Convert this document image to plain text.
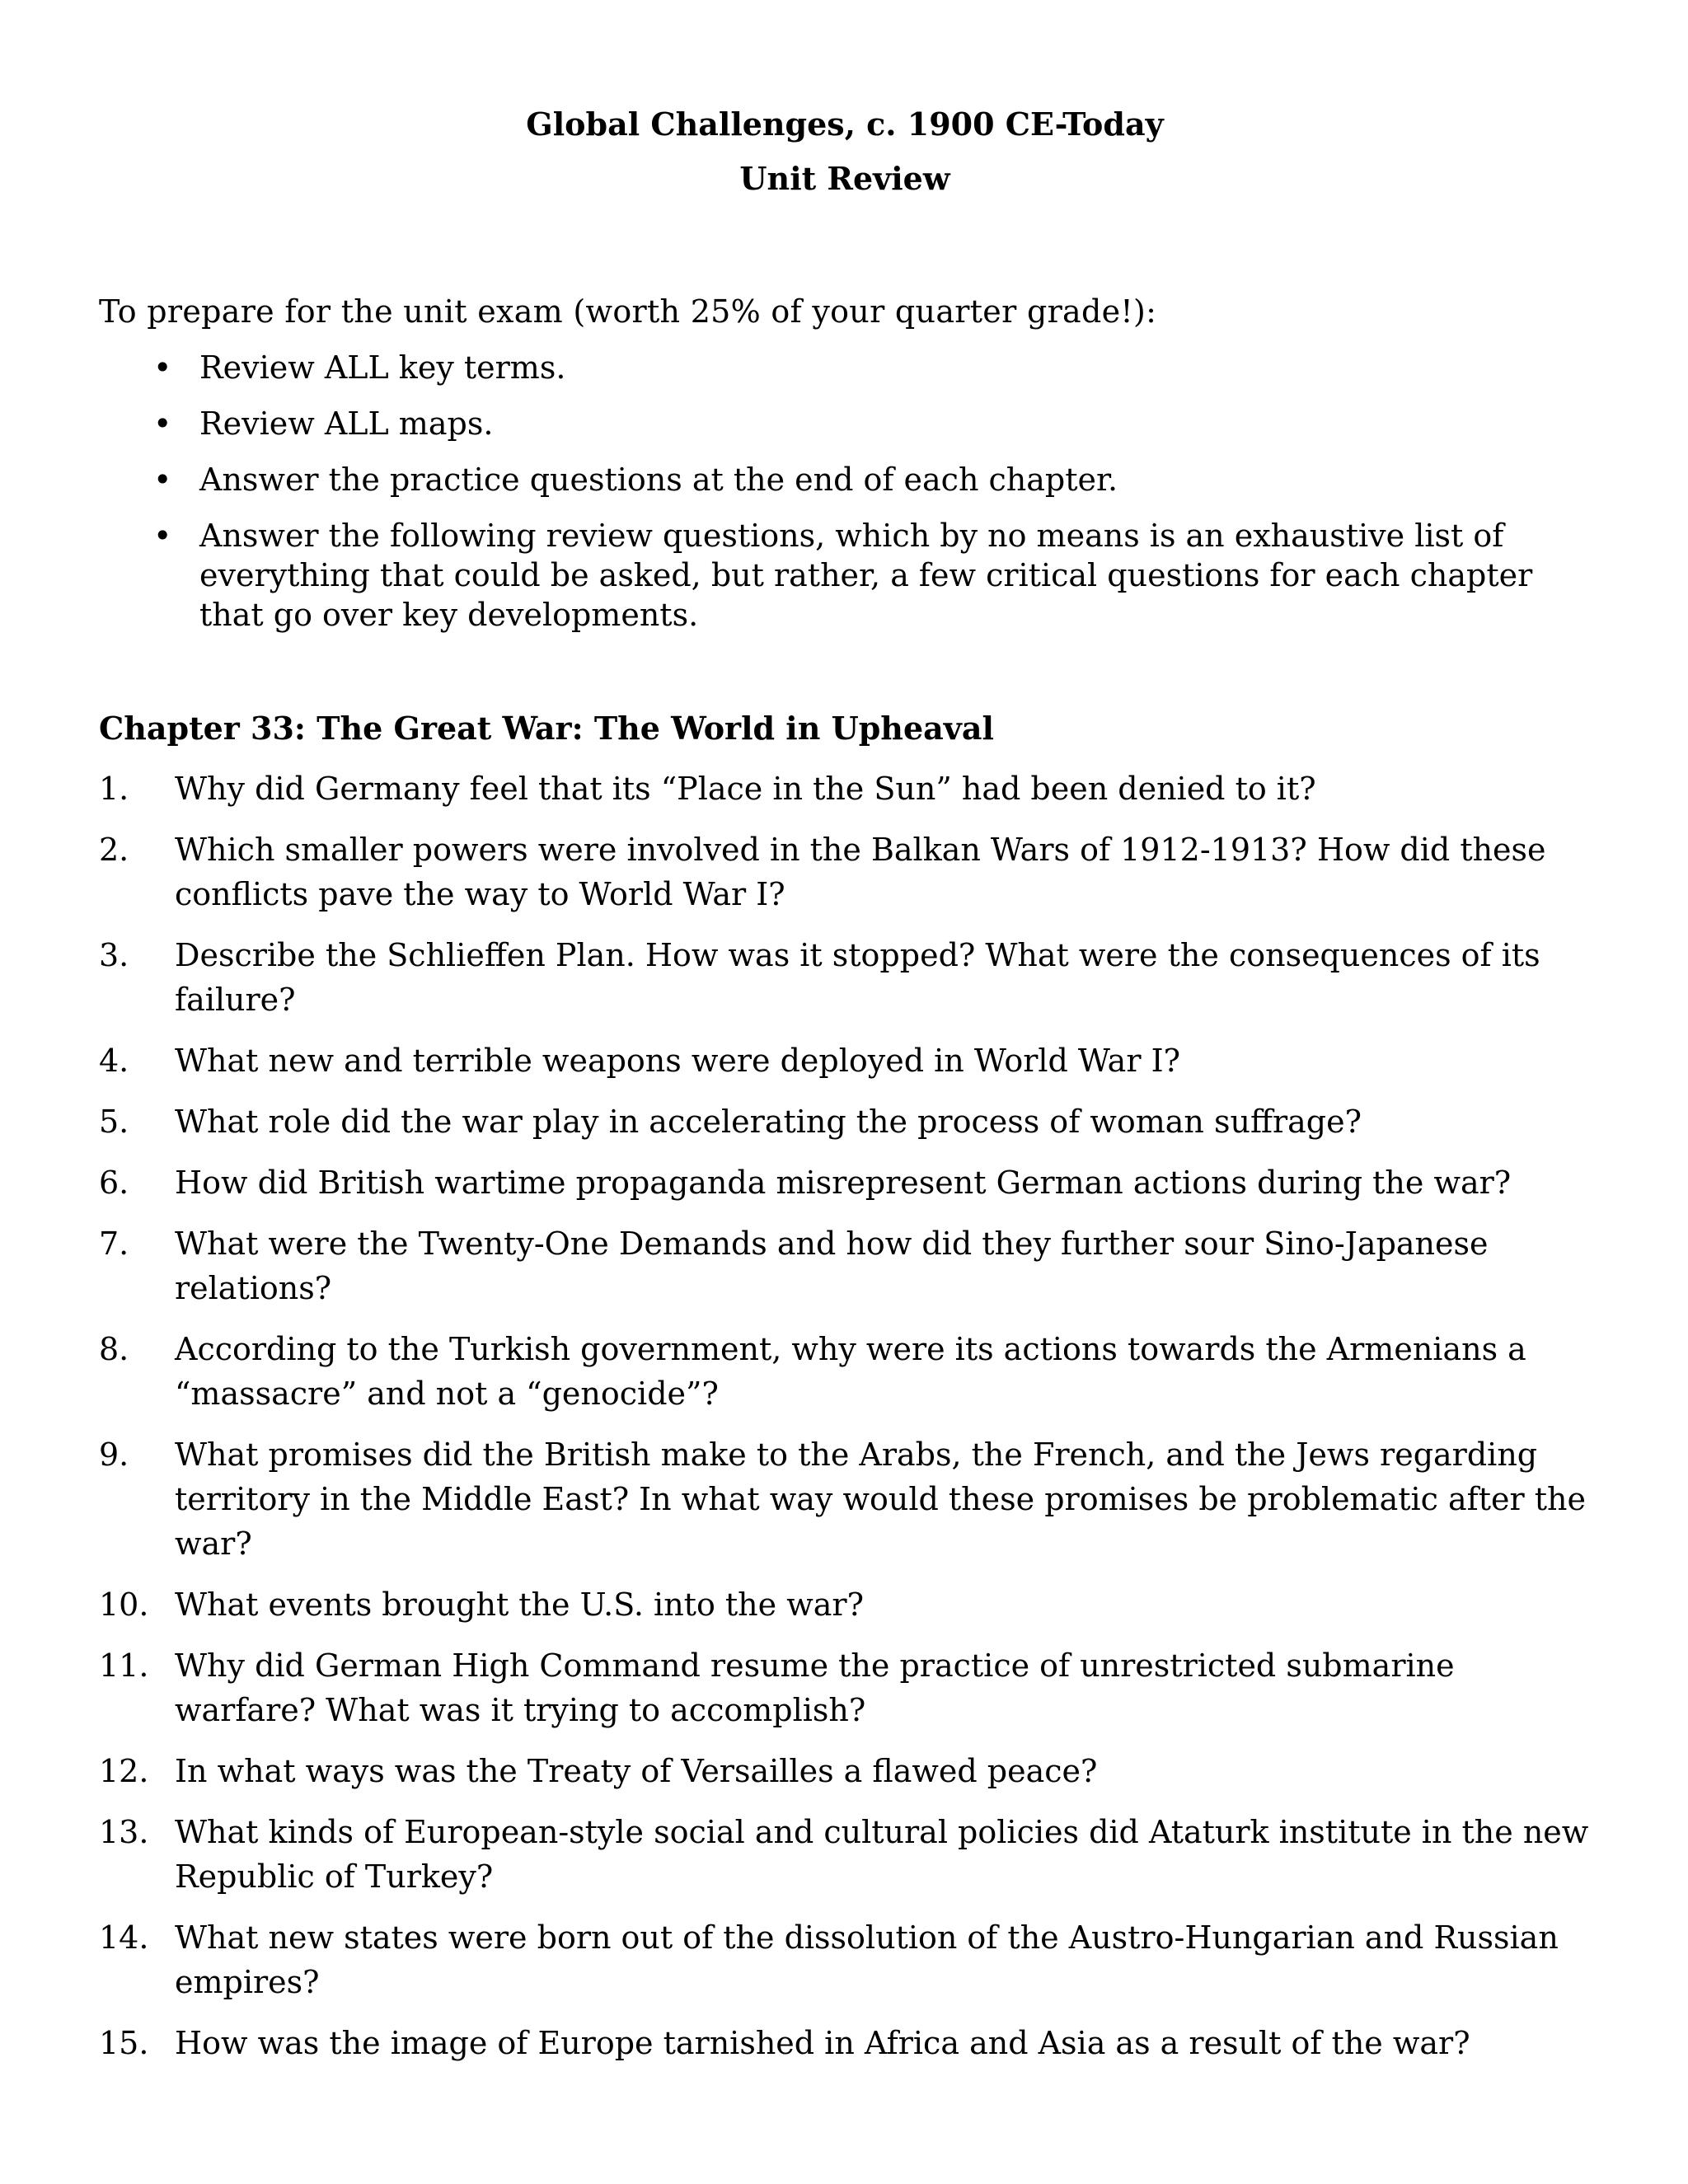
Global Challenges, c. 1900 CE-Today
Unit Review
To prepare for the unit exam (worth 25% of your quarter grade!):
• Review ALL key terms.
• Review ALL maps.
• Answer the practice questions at the end of each chapter.
• Answer the following review questions, which by no means is an exhaustive list of everything that could be asked, but rather, a few critical questions for each chapter that go over key developments.
Chapter 33: The Great War: The World in Upheaval
1. Why did Germany feel that its “Place in the Sun” had been denied to it?
2. Which smaller powers were involved in the Balkan Wars of 1912-1913? How did these conflicts pave the way to World War I?
3. Describe the Schlieffen Plan. How was it stopped? What were the consequences of its failure?
4. What new and terrible weapons were deployed in World War I?
5. What role did the war play in accelerating the process of woman suffrage?
6. How did British wartime propaganda misrepresent German actions during the war?
7. What were the Twenty-One Demands and how did they further sour Sino-Japanese relations?
8. According to the Turkish government, why were its actions towards the Armenians a “massacre” and not a “genocide”?
9. What promises did the British make to the Arabs, the French, and the Jews regarding territory in the Middle East? In what way would these promises be problematic after the war?
10. What events brought the U.S. into the war?
11. Why did German High Command resume the practice of unrestricted submarine warfare? What was it trying to accomplish?
12. In what ways was the Treaty of Versailles a flawed peace?
13. What kinds of European-style social and cultural policies did Ataturk institute in the new Republic of Turkey?
14. What new states were born out of the dissolution of the Austro-Hungarian and Russian empires?
15. How was the image of Europe tarnished in Africa and Asia as a result of the war?
